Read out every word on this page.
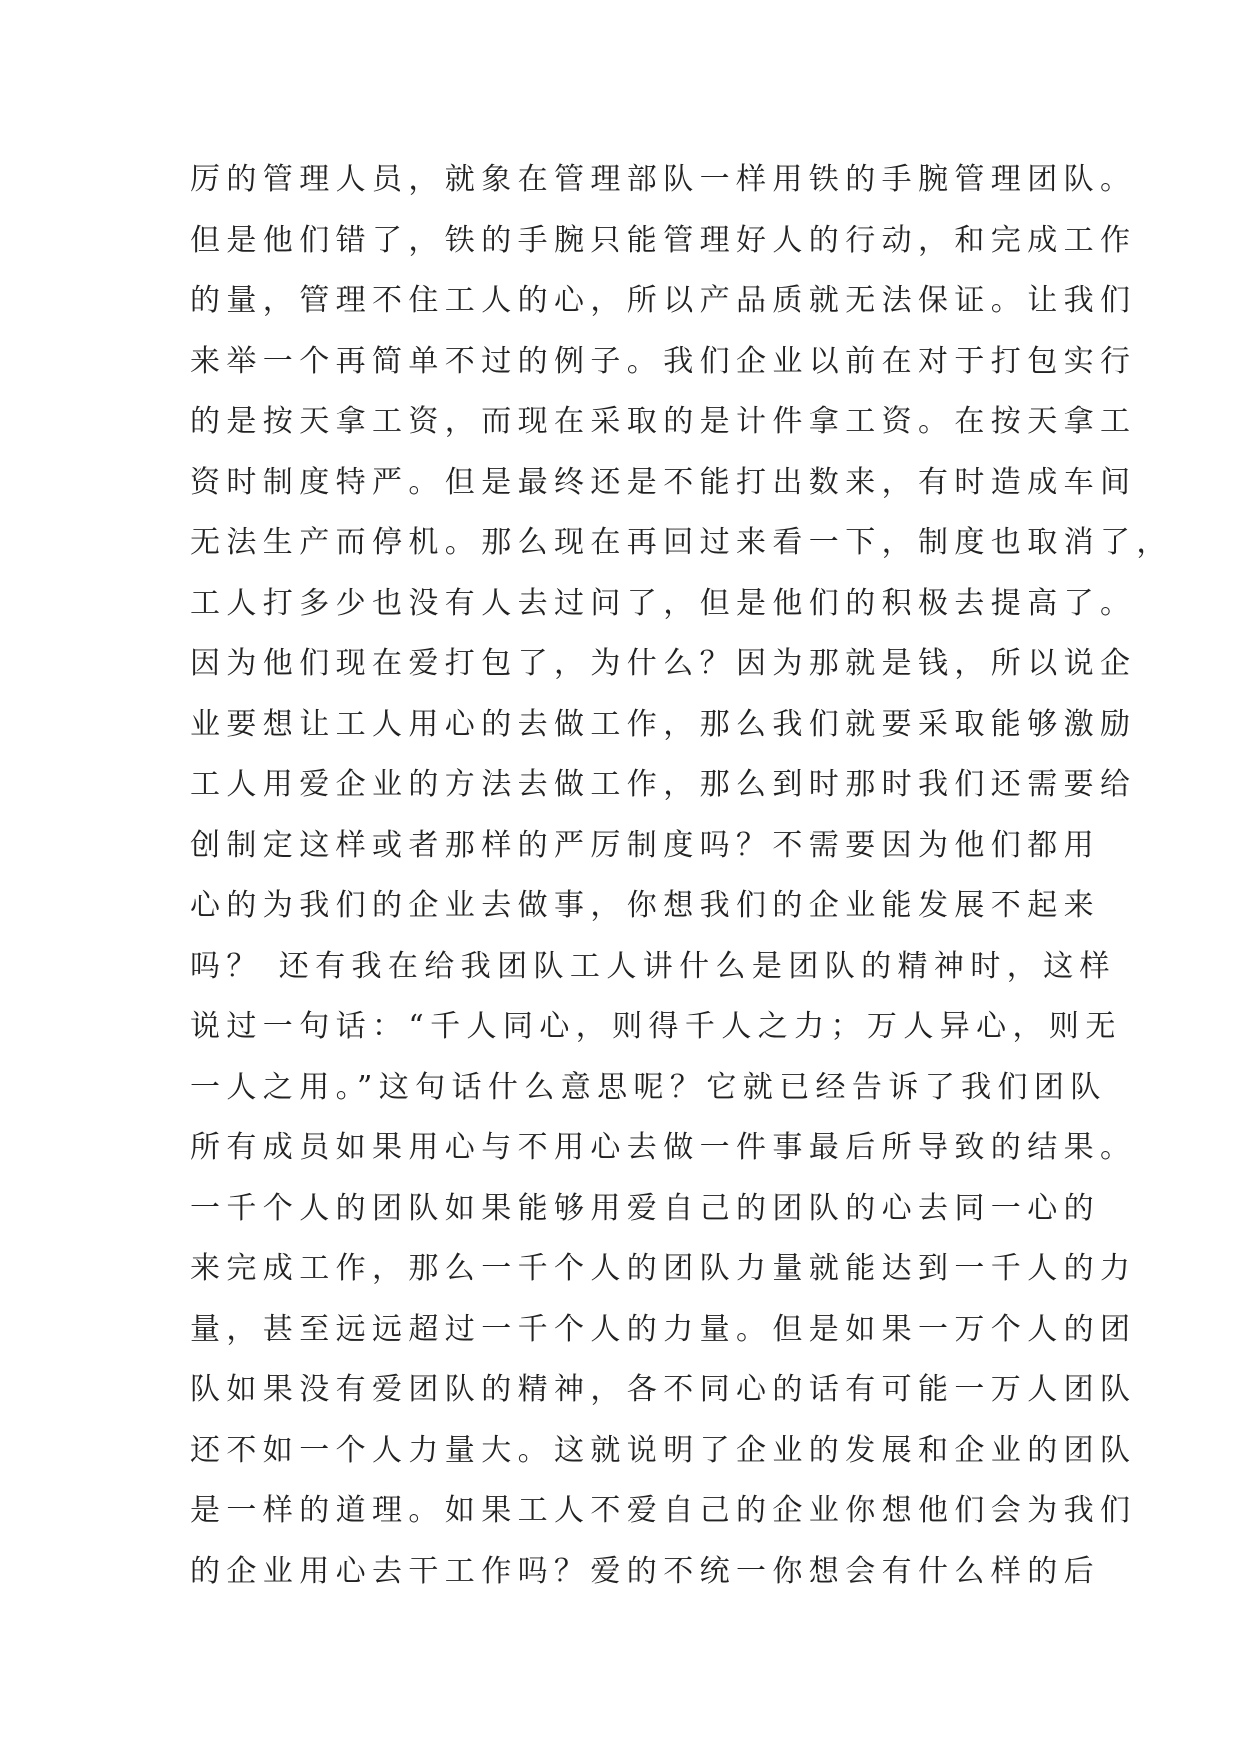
厉的管理人员，就象在管理部队一样用铁的手腕管理团队。
但是他们错了，铁的手腕只能管理好人的行动，和完成工作
的量，管理不住工人的心，所以产品质就无法保证。让我们
来举一个再简单不过的例子。我们企业以前在对于打包实行
的是按天拿工资，而现在采取的是计件拿工资。在按天拿工
资时制度特严。但是最终还是不能打出数来，有时造成车间
无法生产而停机。那么现在再回过来看一下，制度也取消了，
工人打多少也没有人去过问了，但是他们的积极去提高了。
因为他们现在爱打包了，为什么？因为那就是钱，所以说企
业要想让工人用心的去做工作，那么我们就要采取能够激励
工人用爱企业的方法去做工作，那么到时那时我们还需要给
创制定这样或者那样的严厉制度吗？不需要因为他们都用
心的为我们的企业去做事，你想我们的企业能发展不起来
吗？ 还有我在给我团队工人讲什么是团队的精神时，这样
说过一句话：“千人同心，则得千人之力；万人异心，则无
一人之用。”这句话什么意思呢？它就已经告诉了我们团队
所有成员如果用心与不用心去做一件事最后所导致的结果。
一千个人的团队如果能够用爱自己的团队的心去同一心的
来完成工作，那么一千个人的团队力量就能达到一千人的力
量，甚至远远超过一千个人的力量。但是如果一万个人的团
队如果没有爱团队的精神，各不同心的话有可能一万人团队
还不如一个人力量大。这就说明了企业的发展和企业的团队
是一样的道理。如果工人不爱自己的企业你想他们会为我们
的企业用心去干工作吗？爱的不统一你想会有什么样的后
